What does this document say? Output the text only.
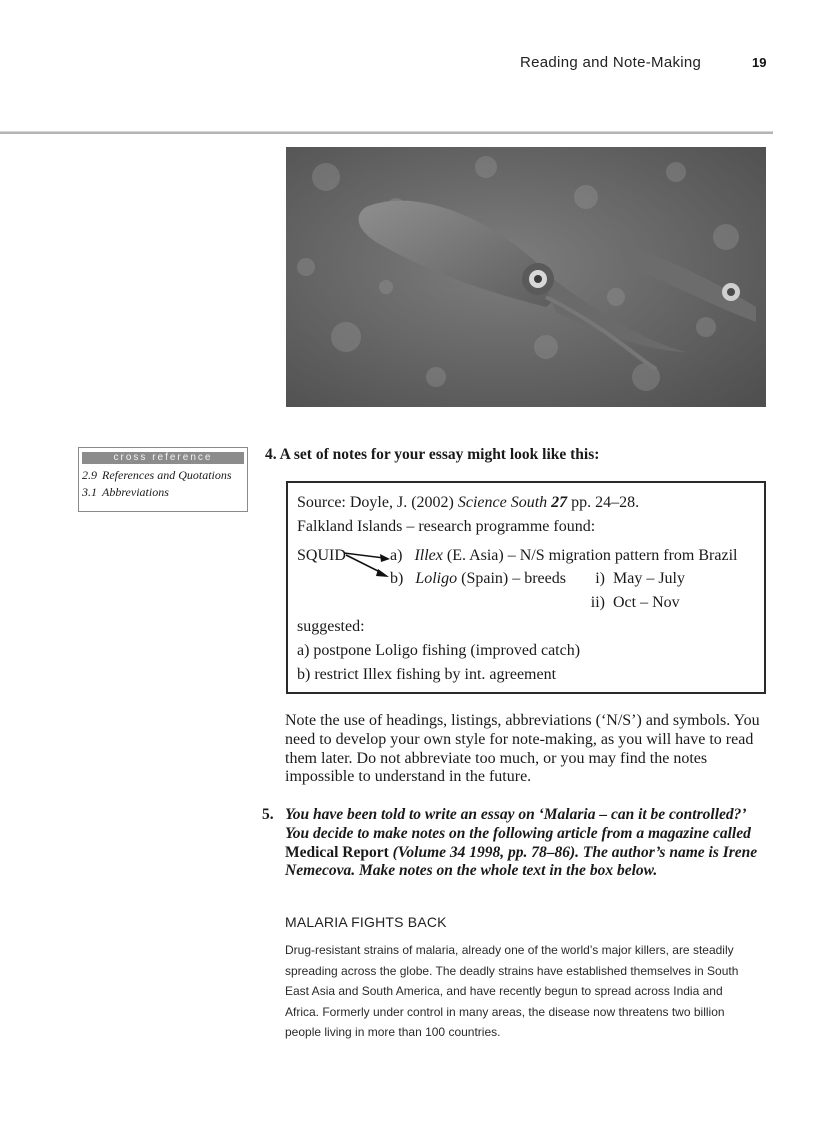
Reading and Note-Making	19
cross reference
2.9 References and Quotations
3.1 Abbreviations
4. A set of notes for your essay might look like this:
Source: Doyle, J. (2002) Science South 27 pp. 24–28.
Falkland Islands – research programme found:
SQUID	a) Illex (E. Asia) – N/S migration pattern from Brazil
b) Loligo (Spain) – breeds	i) May – July
ii) Oct – Nov
suggested:
a) postpone Loligo fishing (improved catch)
b) restrict Illex fishing by int. agreement
Note the use of headings, listings, abbreviations (‘N/S’) and symbols. You need to develop your own style for note-making, as you will have to read them later. Do not abbreviate too much, or you may find the notes impossible to understand in the future.
5. You have been told to write an essay on ‘Malaria – can it be controlled?’ You decide to make notes on the following article from a magazine called Medical Report (Volume 34 1998, pp. 78–86). The author’s name is Irene Nemecova. Make notes on the whole text in the box below.
MALARIA FIGHTS BACK
Drug-resistant strains of malaria, already one of the world’s major killers, are steadily spreading across the globe. The deadly strains have established themselves in South East Asia and South America, and have recently begun to spread across India and Africa. Formerly under control in many areas, the disease now threatens two billion people living in more than 100 countries.
